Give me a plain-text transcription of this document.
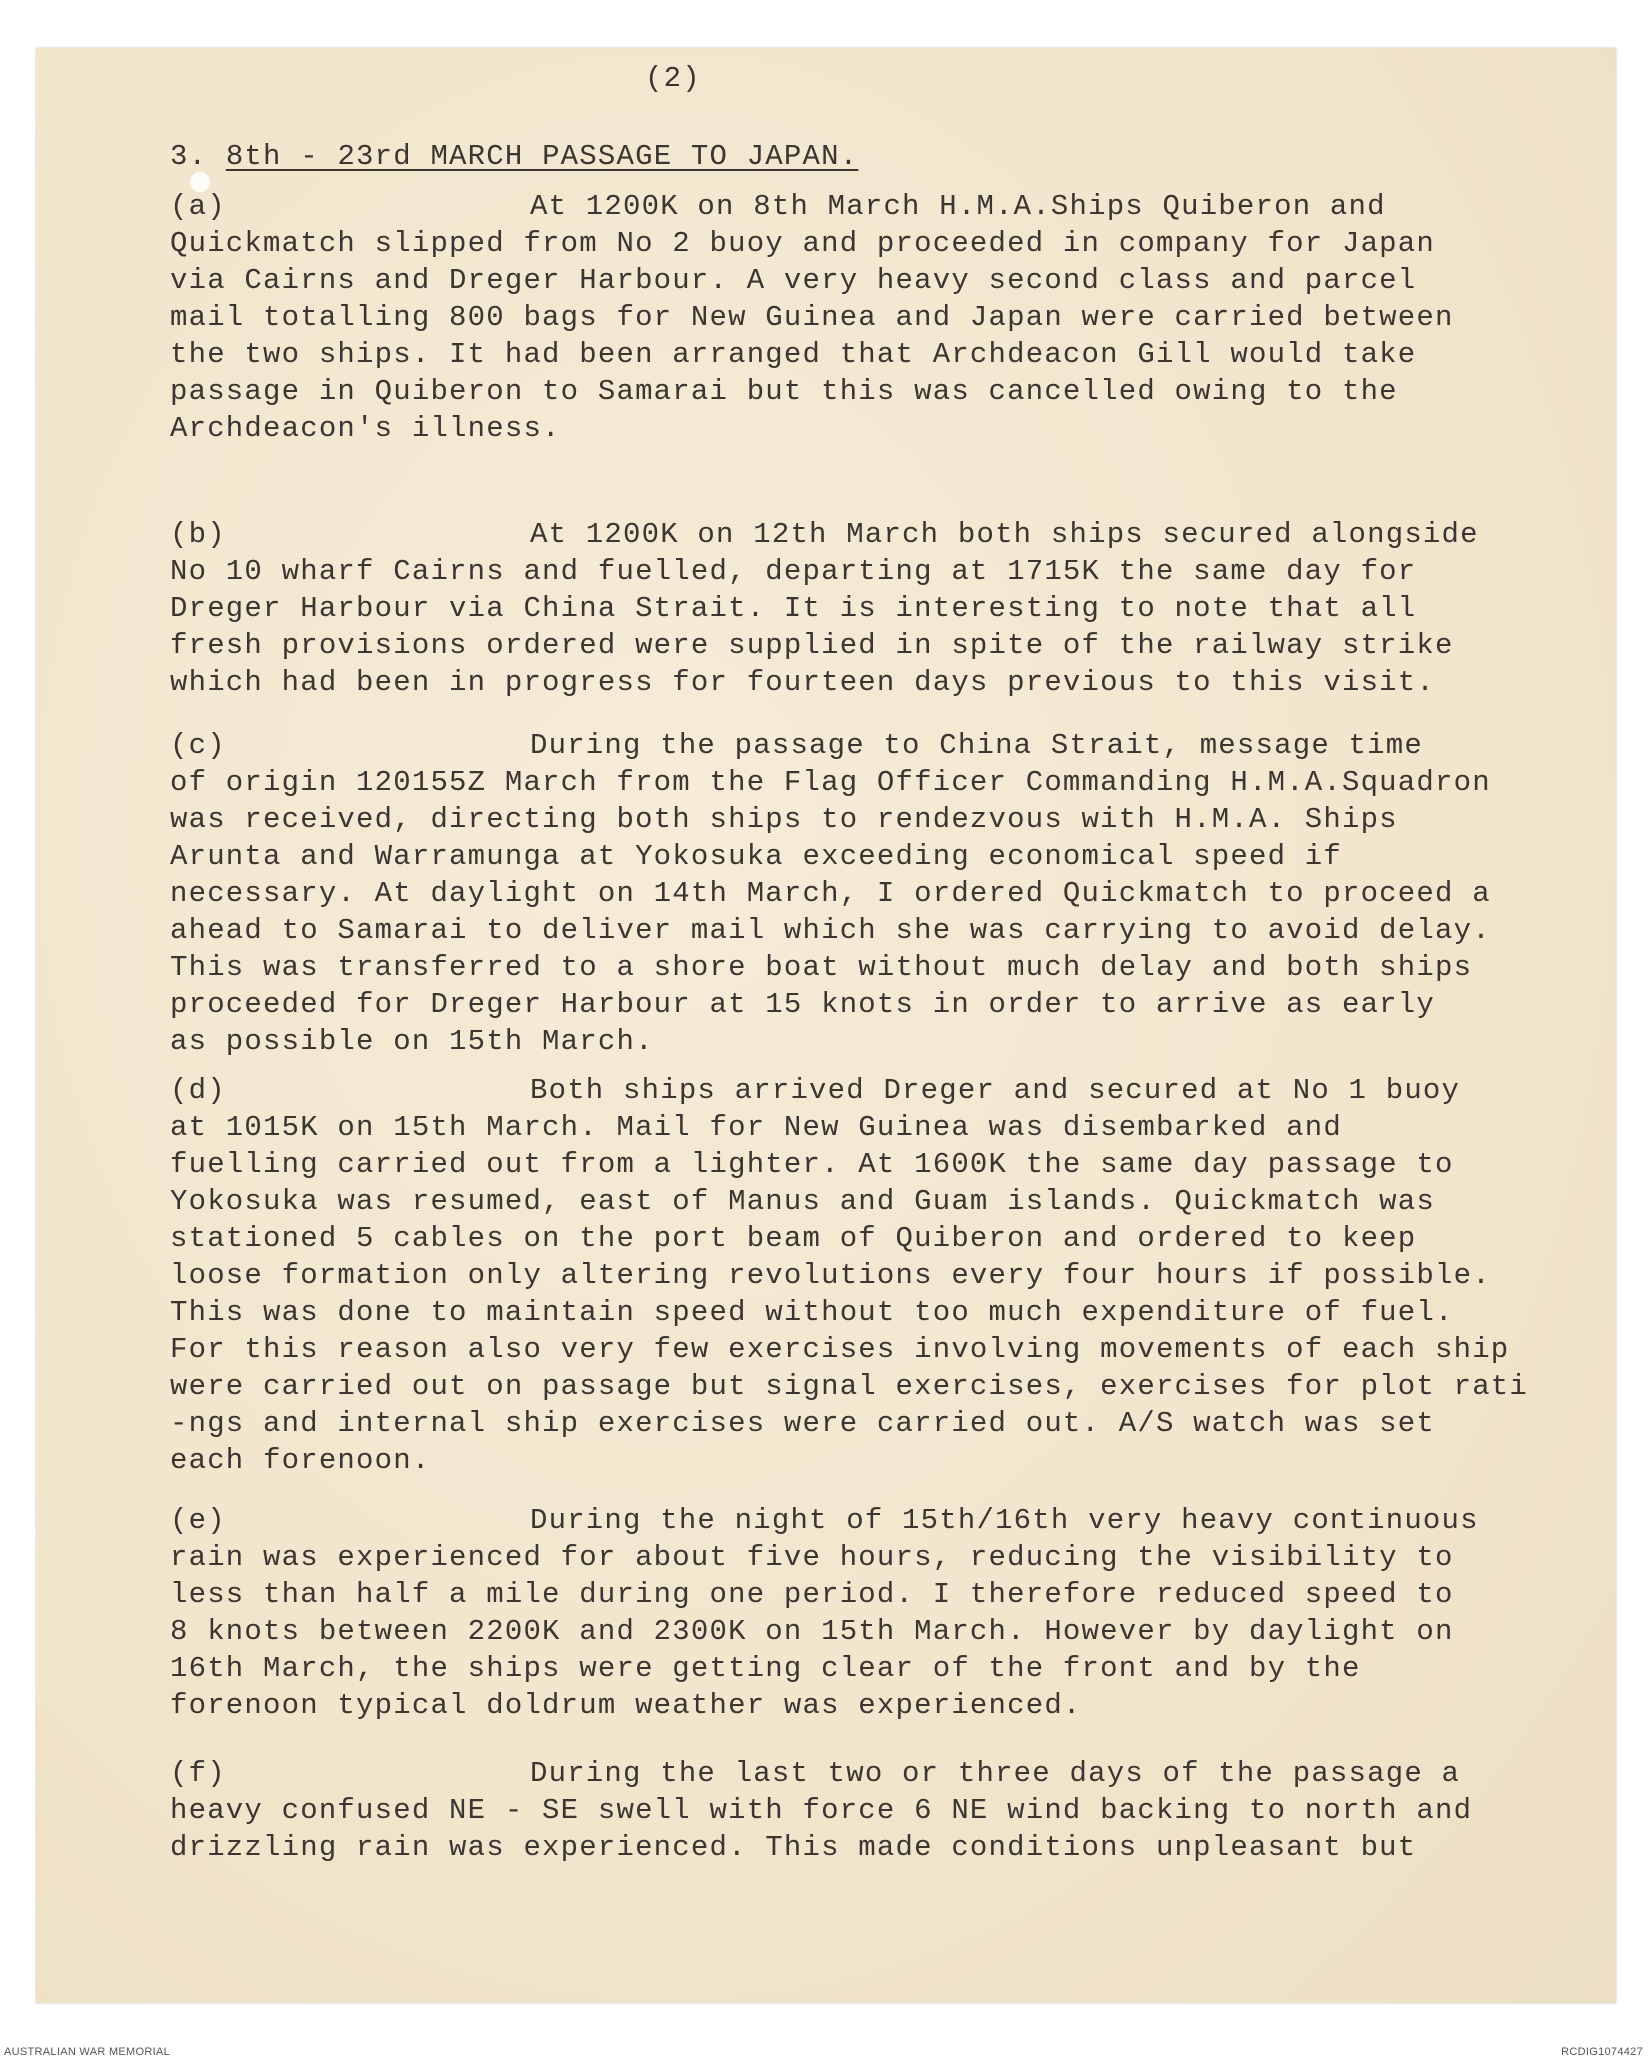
(2)
3. 8th - 23rd MARCH PASSAGE TO JAPAN.
(a)	At 1200K on 8th March H.M.A.Ships Quiberon and
Quickmatch slipped from No 2 buoy and proceeded in company for Japan
via Cairns and Dreger Harbour. A very heavy second class and parcel
mail totalling 800 bags for New Guinea and Japan were carried between
the two ships. It had been arranged that Archdeacon Gill would take
passage in Quiberon to Samarai but this was cancelled owing to the
Archdeacon's illness.
(b)	At 1200K on 12th March both ships secured alongside
No 10 wharf Cairns and fuelled, departing at 1715K the same day for
Dreger Harbour via China Strait. It is interesting to note that all
fresh provisions ordered were supplied in spite of the railway strike
which had been in progress for fourteen days previous to this visit.
(c)	During the passage to China Strait, message time
of origin 120155Z March from the Flag Officer Commanding H.M.A.Squadron
was received, directing both ships to rendezvous with H.M.A. Ships
Arunta and Warramunga at Yokosuka exceeding economical speed if
necessary. At daylight on 14th March, I ordered Quickmatch to proceed a
ahead to Samarai to deliver mail which she was carrying to avoid delay.
This was transferred to a shore boat without much delay and both ships
proceeded for Dreger Harbour at 15 knots in order to arrive as early
as possible on 15th March.
(d)	Both ships arrived Dreger and secured at No 1 buoy
at 1015K on 15th March. Mail for New Guinea was disembarked and
fuelling carried out from a lighter. At 1600K the same day passage to
Yokosuka was resumed, east of Manus and Guam islands. Quickmatch was
stationed 5 cables on the port beam of Quiberon and ordered to keep
loose formation only altering revolutions every four hours if possible.
This was done to maintain speed without too much expenditure of fuel.
For this reason also very few exercises involving movements of each ship
were carried out on passage but signal exercises, exercises for plot rati
-ngs and internal ship exercises were carried out. A/S watch was set
each forenoon.
(e)	During the night of 15th/16th very heavy continuous
rain was experienced for about five hours, reducing the visibility to
less than half a mile during one period. I therefore reduced speed to
8 knots between 2200K and 2300K on 15th March. However by daylight on
16th March, the ships were getting clear of the front and by the
forenoon typical doldrum weather was experienced.
(f)	During the last two or three days of the passage a
heavy confused NE - SE swell with force 6 NE wind backing to north and
drizzling rain was experienced. This made conditions unpleasant but
AUSTRALIAN WAR MEMORIAL	RCDIG1074427
